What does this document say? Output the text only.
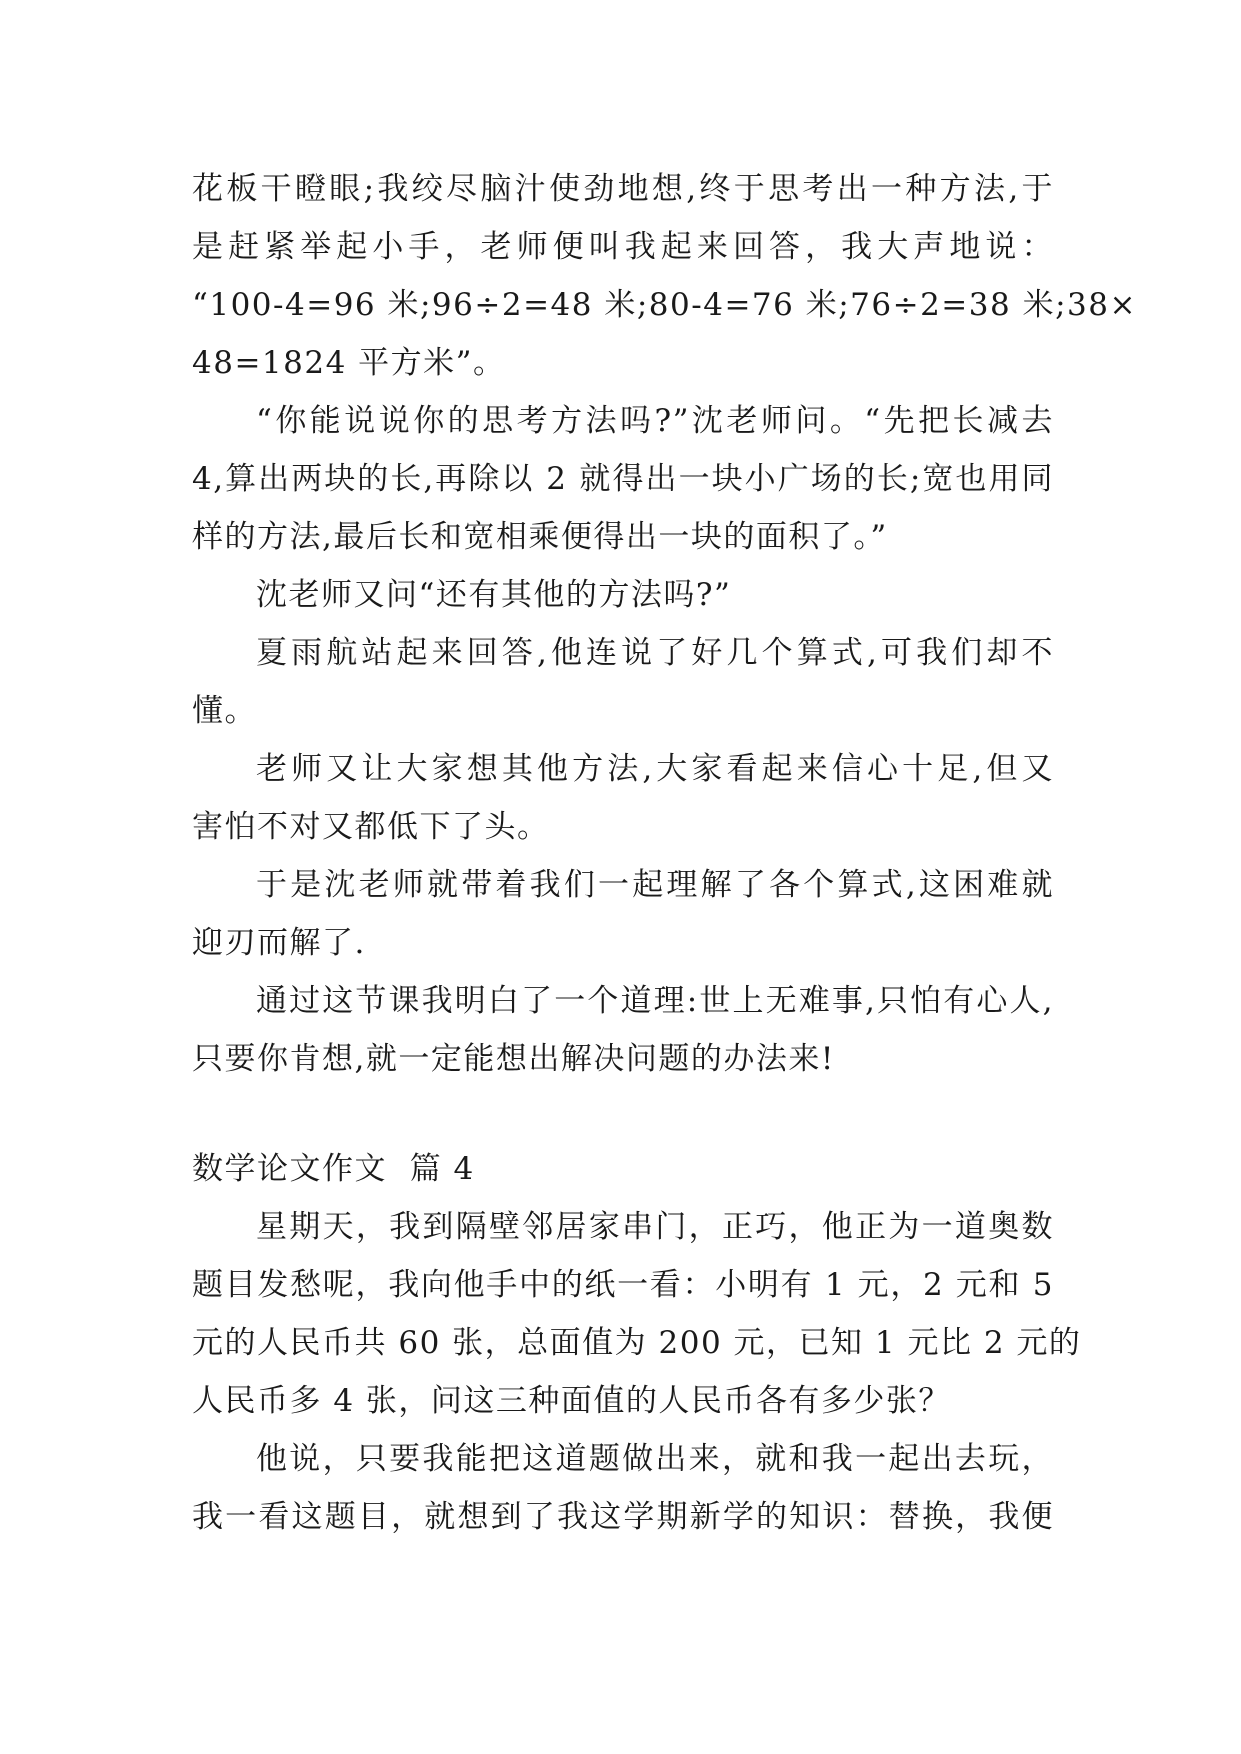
花板干瞪眼;我绞尽脑汁使劲地想,终于思考出一种方法,于
是赶紧举起小手，老师便叫我起来回答，我大声地说：
“100-4=96 米;96÷2=48 米;80-4=76 米;76÷2=38 米;38×
48=1824 平方米”。
“你能说说你的思考方法吗?”沈老师问。“先把长减去
4,算出两块的长,再除以 2 就得出一块小广场的长;宽也用同
样的方法,最后长和宽相乘便得出一块的面积了。”
沈老师又问“还有其他的方法吗?”
夏雨航站起来回答,他连说了好几个算式,可我们却不
懂。
老师又让大家想其他方法,大家看起来信心十足,但又
害怕不对又都低下了头。
于是沈老师就带着我们一起理解了各个算式,这困难就
迎刃而解了.
通过这节课我明白了一个道理:世上无难事,只怕有心人,
只要你肯想,就一定能想出解决问题的办法来!
数学论文作文  篇 4
星期天，我到隔壁邻居家串门，正巧，他正为一道奥数
题目发愁呢，我向他手中的纸一看：小明有 1 元，2 元和 5
元的人民币共 60 张，总面值为 200 元，已知 1 元比 2 元的
人民币多 4 张，问这三种面值的人民币各有多少张？
他说，只要我能把这道题做出来，就和我一起出去玩，
我一看这题目，就想到了我这学期新学的知识：替换，我便
